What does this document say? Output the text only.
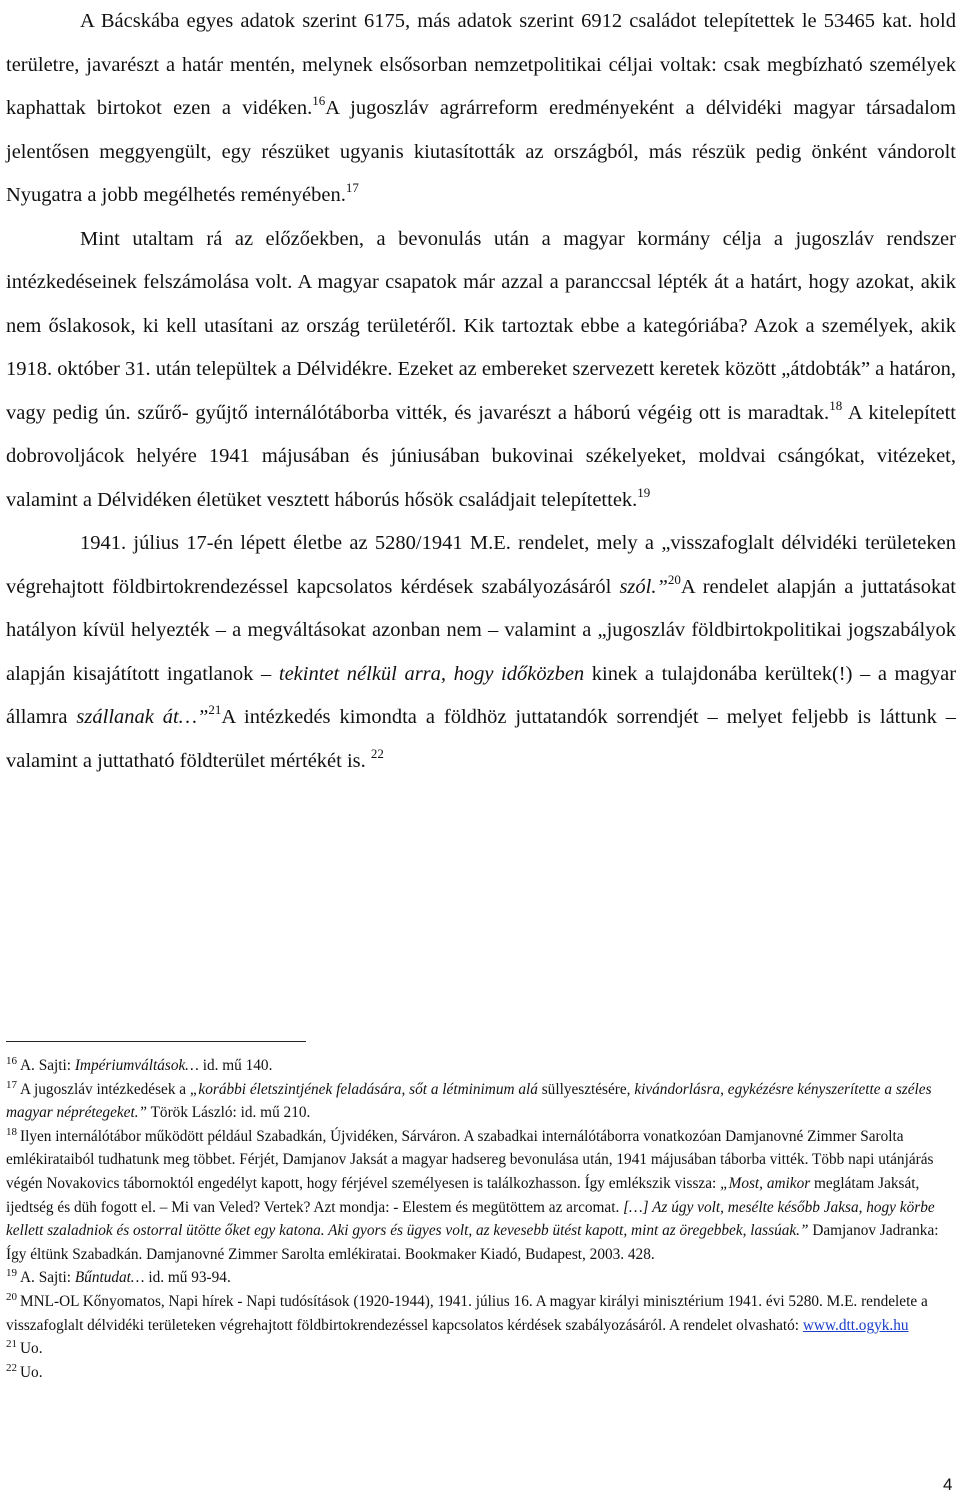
A Bácskába egyes adatok szerint 6175, más adatok szerint 6912 családot telepítettek le 53465 kat. hold területre, javarészt a határ mentén, melynek elsősorban nemzetpolitikai céljai voltak: csak megbízható személyek kaphattak birtokot ezen a vidéken.$^{16}$A jugoszláv agrárreform eredményeként a délvidéki magyar társadalom jelentősen meggyengült, egy részüket ugyanis kiutasították az országból, más részük pedig önként vándorolt Nyugatra a jobb megélhetés reményében.$^{17}$

Mint utaltam rá az előzőekben, a bevonulás után a magyar kormány célja a jugoszláv rendszer intézkedéseinek felszámolása volt. A magyar csapatok már azzal a paranccsal lépték át a határt, hogy azokat, akik nem őslakosok, ki kell utasítani az ország területéről. Kik tartoztak ebbe a kategóriába? Azok a személyek, akik 1918. október 31. után települtek a Délvidékre. Ezeket az embereket szervezett keretek között „átdobták” a határon, vagy pedig ún. szűrő- gyűjtő internálótáborba vitték, és javarészt a háború végéig ott is maradtak.$^{18}$ A kitelepített dobrovoljácok helyére 1941 májusában és júniusában bukovinai székelyeket, moldvai csángókat, vitézeket, valamint a Délvidéken életüket vesztett háborús hősök családjait telepítettek.$^{19}$

1941. július 17-én lépett életbe az 5280/1941 M.E. rendelet, mely a „visszafoglalt délvidéki területeken végrehajtott földbirtokrendezéssel kapcsolatos kérdések szabályozásáról szól.”$^{20}$A rendelet alapján a juttatásokat hatályon kívül helyezték – a megváltásokat azonban nem – valamint a „jugoszláv földbirtokpolitikai jogszabályok alapján kisajátított ingatlanok – tekintet nélkül arra, hogy időközben kinek a tulajdonába kerültek(!) – a magyar államra szállanak át…”$^{21}$A intézkedés kimondta a földhöz juttatandók sorrendjét – melyet feljebb is láttunk – valamint a juttatható földterület mértékét is. $^{22}$

$^{16}$ A. Sajti: Impériumváltások… id. mű 140.

$^{17}$ A jugoszláv intézkedések a „korábbi életszintjének feladására, sőt a létminimum alá süllyesztésére, kivándorlásra, egykézésre kényszerítette a széles magyar néprétegeket.” Török László: id. mű 210.

$^{18}$ Ilyen internálótábor működött például Szabadkán, Újvidéken, Sárváron. A szabadkai internálótáborra vonatkozóan Damjanovné Zimmer Sarolta emlékirataiból tudhatunk meg többet. Férjét, Damjanov Jaksát a magyar hadsereg bevonulása után, 1941 májusában táborba vitték. Több napi utánjárás végén Novakovics tábornoktól engedélyt kapott, hogy férjével személyesen is találkozhasson. Így emlékszik vissza: „Most, amikor meglátam Jaksát, ijedtség és düh fogott el. – Mi van Veled? Vertek? Azt mondja: - Elestem és megütöttem az arcomat. […] Az úgy volt, mesélte később Jaksa, hogy körbe kellett szaladniok és ostorral ütötte őket egy katona. Aki gyors és ügyes volt, az kevesebb ütést kapott, mint az öregebbek, lassúak.” Damjanov Jadranka: Így éltünk Szabadkán. Damjanovné Zimmer Sarolta emlékiratai. Bookmaker Kiadó, Budapest, 2003. 428.

$^{19}$ A. Sajti: Bűntudat… id. mű 93-94.

$^{20}$ MNL-OL Kőnyomatos, Napi hírek - Napi tudósítások (1920-1944), 1941. július 16. A magyar királyi minisztérium 1941. évi 5280. M.E. rendelete a visszafoglalt délvidéki területeken végrehajtott földbirtokrendezéssel kapcsolatos kérdések szabályozásáról. A rendelet olvasható: www.dtt.ogyk.hu

$^{21}$ Uo.

$^{22}$ Uo.

4
